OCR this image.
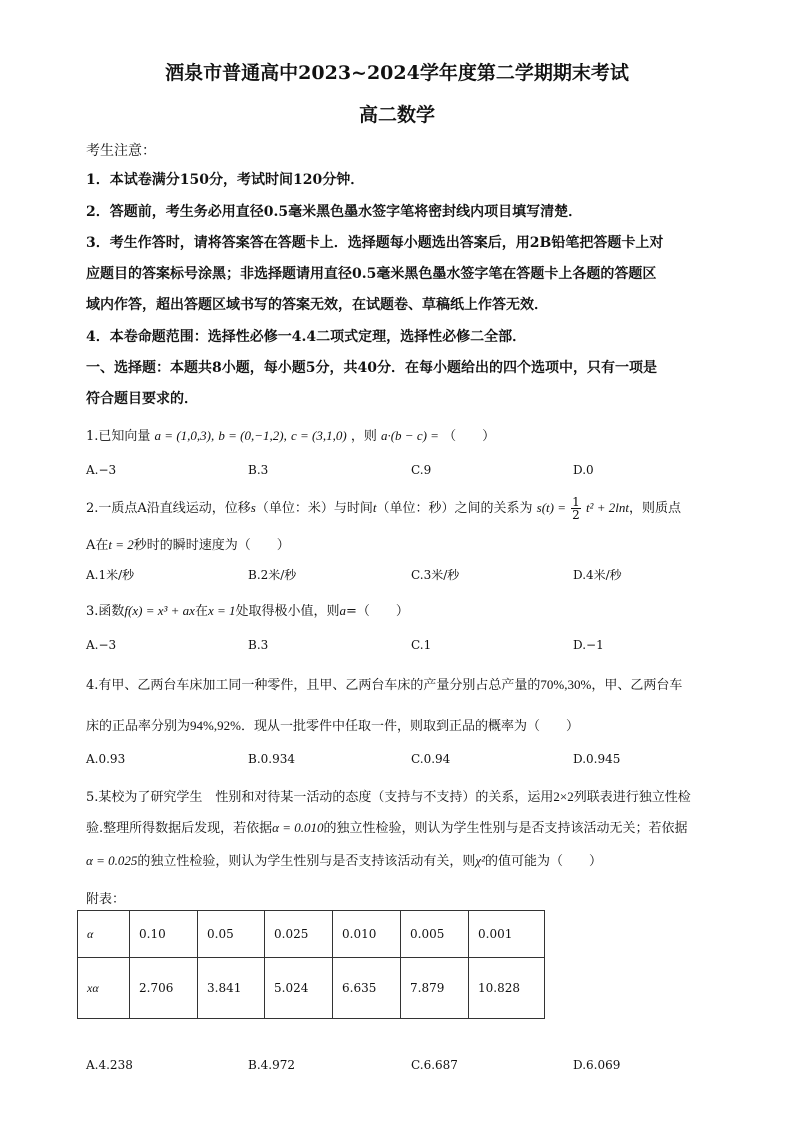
酒泉市普通高中2023~2024学年度第二学期期末考试
高二数学
考生注意：
1．本试卷满分150分，考试时间120分钟．
2．答题前，考生务必用直径0.5毫米黑色墨水签字笔将密封线内项目填写清楚．
3．考生作答时，请将答案答在答题卡上．选择题每小题选出答案后，用2B铅笔把答题卡上对
应题目的答案标号涂黑；非选择题请用直径0.5毫米黑色墨水签字笔在答题卡上各题的答题区
域内作答，超出答题区域书写的答案无效，在试题卷、草稿纸上作答无效．
4．本卷命题范围：选择性必修一4.4二项式定理，选择性必修二全部．
一、选择题：本题共8小题，每小题5分，共40分．在每小题给出的四个选项中，只有一项是
符合题目要求的．
1.已知向量 a = (1,0,3), b = (0,−1,2), c = (3,1,0) ，则 a·(b − c) = （　　）
A.−3	B.3	C.9	D.0
2.一质点A沿直线运动，位移s（单位：米）与时间t（单位：秒）之间的关系为 $s(t) = \frac{1}{2} t^2 + 2\ln t$，则质点
A在t = 2秒时的瞬时速度为（　　）
A.1米/秒	B.2米/秒	C.3米/秒	D.4米/秒
3.函数f(x) = x³ + ax在x = 1处取得极小值，则a=（　　）
A.−3	B.3	C.1	D.−1
4.有甲、乙两台车床加工同一种零件，且甲、乙两台车床的产量分别占总产量的70%,30%，甲、乙两台车
床的正品率分别为94%,92%．现从一批零件中任取一件，则取到正品的概率为（　　）
A.0.93	B.0.934	C.0.94	D.0.945
5.某校为了研究学生　性别和对待某一活动的态度（支持与不支持）的关系，运用2×2列联表进行独立性检
验.整理所得数据后发现，若依据α = 0.010的独立性检验，则认为学生性别与是否支持该活动无关；若依据
α = 0.025的独立性检验，则认为学生性别与是否支持该活动有关，则χ²的值可能为（　　）
附表：
α	0.10	0.05	0.025	0.010	0.005	0.001
xα	2.706	3.841	5.024	6.635	7.879	10.828
A.4.238	B.4.972	C.6.687	D.6.069
